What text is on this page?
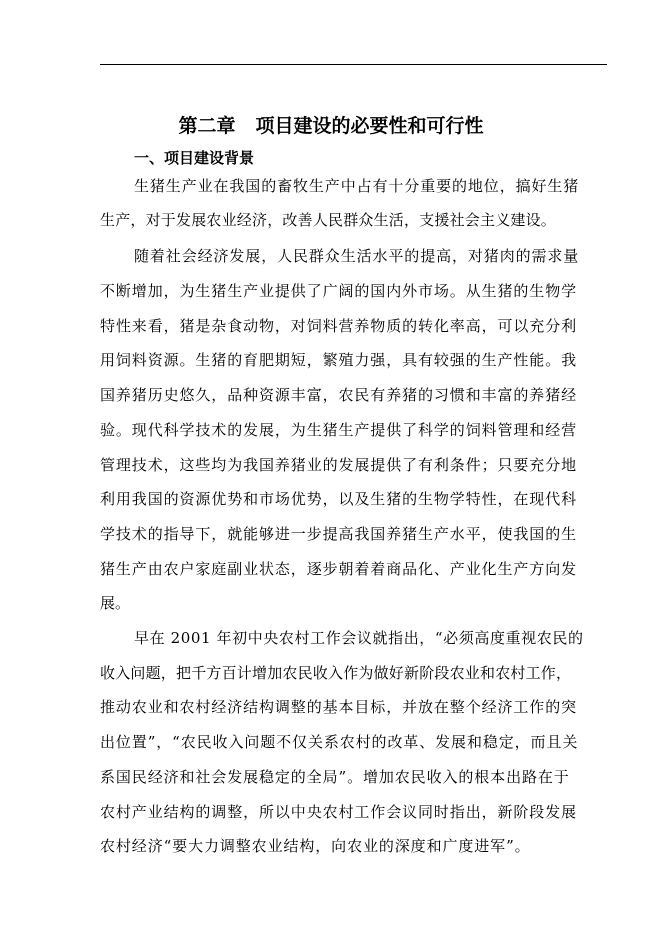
第二章 项目建设的必要性和可行性
一、项目建设背景
生猪生产业在我国的畜牧生产中占有十分重要的地位，搞好生猪
生产，对于发展农业经济，改善人民群众生活，支援社会主义建设。
随着社会经济发展，人民群众生活水平的提高，对猪肉的需求量
不断增加，为生猪生产业提供了广阔的国内外市场。从生猪的生物学
特性来看，猪是杂食动物，对饲料营养物质的转化率高，可以充分利
用饲料资源。生猪的育肥期短，繁殖力强，具有较强的生产性能。我
国养猪历史悠久，品种资源丰富，农民有养猪的习惯和丰富的养猪经
验。现代科学技术的发展，为生猪生产提供了科学的饲料管理和经营
管理技术，这些均为我国养猪业的发展提供了有利条件；只要充分地
利用我国的资源优势和市场优势，以及生猪的生物学特性，在现代科
学技术的指导下，就能够进一步提高我国养猪生产水平，使我国的生
猪生产由农户家庭副业状态，逐步朝着着商品化、产业化生产方向发
展。
早在 2001 年初中央农村工作会议就指出，“必须高度重视农民的
收入问题，把千方百计增加农民收入作为做好新阶段农业和农村工作，
推动农业和农村经济结构调整的基本目标，并放在整个经济工作的突
出位置”，“农民收入问题不仅关系农村的改革、发展和稳定，而且关
系国民经济和社会发展稳定的全局”。增加农民收入的根本出路在于
农村产业结构的调整，所以中央农村工作会议同时指出，新阶段发展
农村经济“要大力调整农业结构，向农业的深度和广度进军”。
